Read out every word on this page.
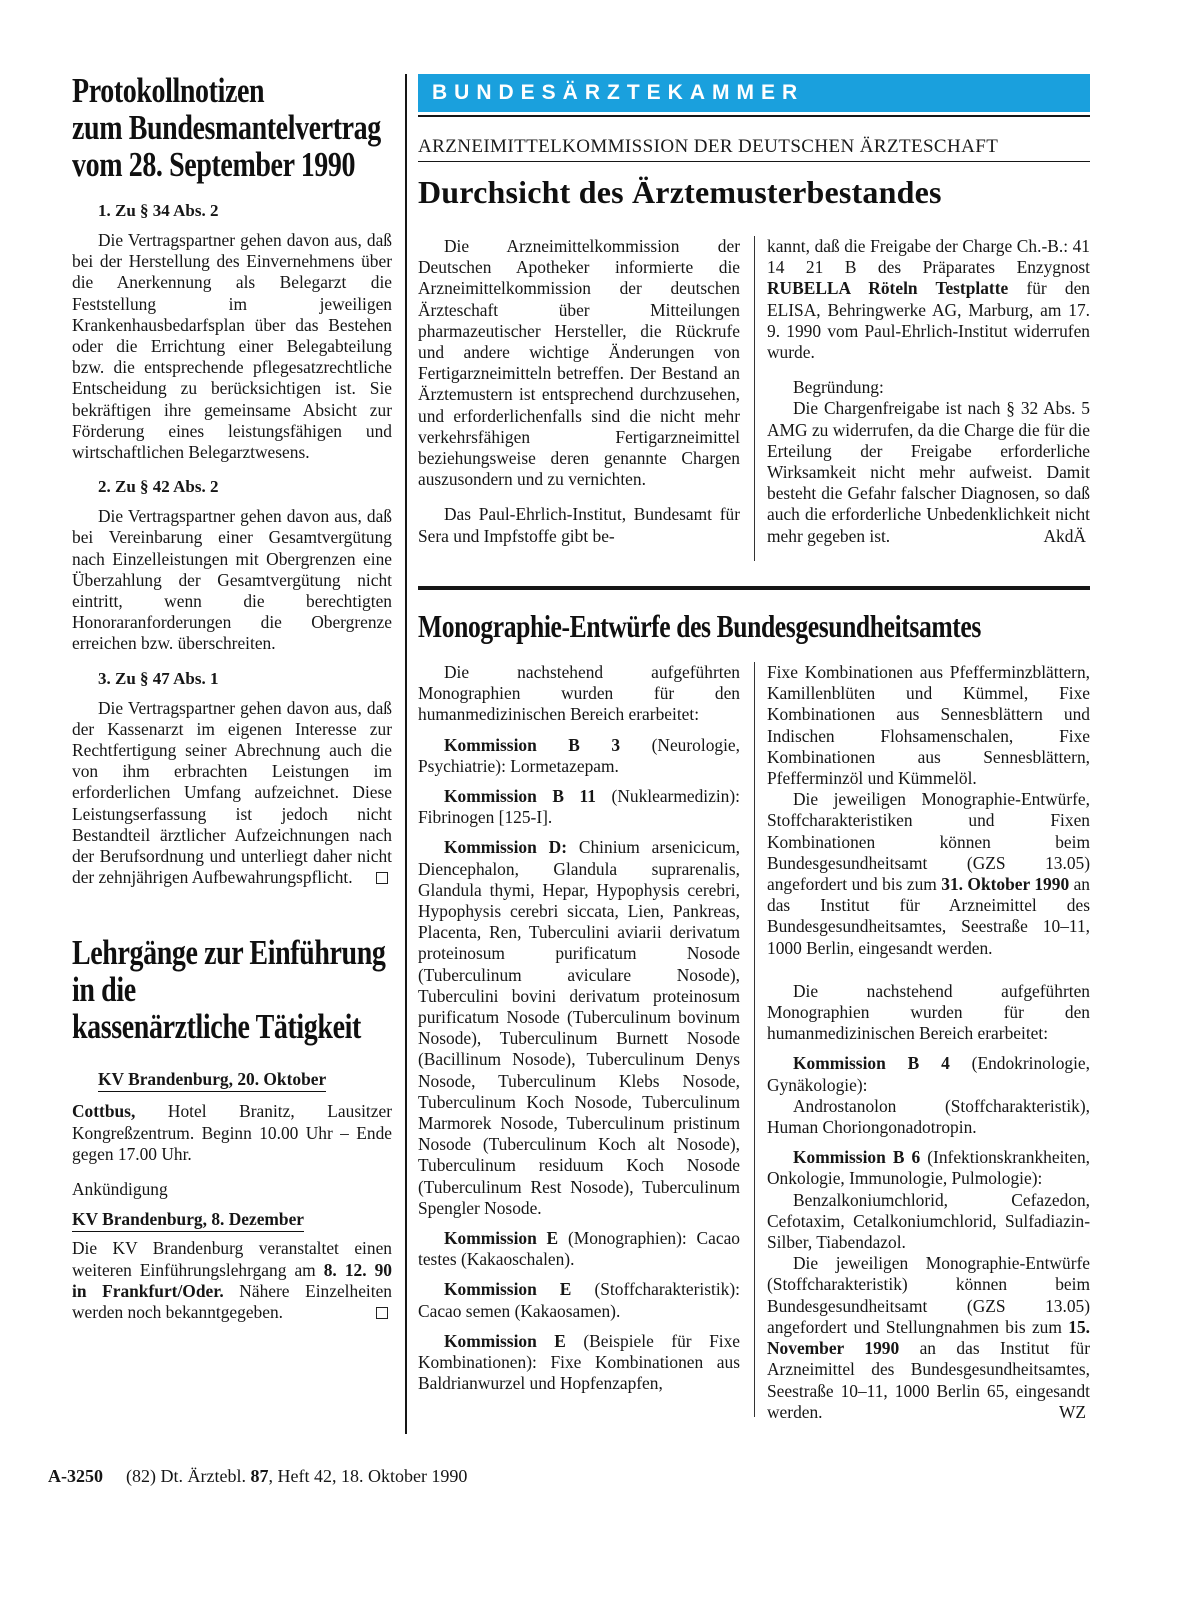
Protokollnotizen
zum Bundesmantelvertrag
vom 28. September 1990

1. Zu § 34 Abs. 2

Die Vertragspartner gehen davon aus, daß bei der Herstellung des Einvernehmens über die Anerkennung als Belegarzt die Feststellung im jeweiligen Krankenhausbedarfsplan über das Bestehen oder die Errichtung einer Belegabteilung bzw. die entsprechende pflegesatzrechtliche Entscheidung zu berücksichtigen ist. Sie bekräftigen ihre gemeinsame Absicht zur Förderung eines leistungsfähigen und wirtschaftlichen Belegarztwesens.

2. Zu § 42 Abs. 2

Die Vertragspartner gehen davon aus, daß bei Vereinbarung einer Gesamtvergütung nach Einzelleistungen mit Obergrenzen eine Überzahlung der Gesamtvergütung nicht eintritt, wenn die berechtigten Honoraranforderungen die Obergrenze erreichen bzw. überschreiten.

3. Zu § 47 Abs. 1

Die Vertragspartner gehen davon aus, daß der Kassenarzt im eigenen Interesse zur Rechtfertigung seiner Abrechnung auch die von ihm erbrachten Leistungen im erforderlichen Umfang aufzeichnet. Diese Leistungserfassung ist jedoch nicht Bestandteil ärztlicher Aufzeichnungen nach der Berufsordnung und unterliegt daher nicht der zehnjährigen Aufbewahrungspflicht.

Lehrgänge zur Einführung
in die
kassenärztliche Tätigkeit

KV Brandenburg, 20. Oktober

Cottbus, Hotel Branitz, Lausitzer Kongreßzentrum. Beginn 10.00 Uhr – Ende gegen 17.00 Uhr.

Ankündigung

KV Brandenburg, 8. Dezember

Die KV Brandenburg veranstaltet einen weiteren Einführungslehrgang am 8. 12. 90 in Frankfurt/Oder. Nähere Einzelheiten werden noch bekanntgegeben.

BUNDESÄRZTEKAMMER
ARZNEIMITTELKOMMISSION DER DEUTSCHEN ÄRZTESCHAFT
Durchsicht des Ärztemusterbestandes

Die Arzneimittelkommission der Deutschen Apotheker informierte die Arzneimittelkommission der deutschen Ärzteschaft über Mitteilungen pharmazeutischer Hersteller, die Rückrufe und andere wichtige Änderungen von Fertigarzneimitteln betreffen. Der Bestand an Ärztemustern ist entsprechend durchzusehen, und erforderlichenfalls sind die nicht mehr verkehrsfähigen Fertigarzneimittel beziehungsweise deren genannte Chargen auszusondern und zu vernichten.

Das Paul-Ehrlich-Institut, Bundesamt für Sera und Impfstoffe gibt be-

kannt, daß die Freigabe der Charge Ch.-B.: 41 14 21 B des Präparates Enzygnost RUBELLA Röteln Testplatte für den ELISA, Behringwerke AG, Marburg, am 17. 9. 1990 vom Paul-Ehrlich-Institut widerrufen wurde.

Begründung:

Die Chargenfreigabe ist nach § 32 Abs. 5 AMG zu widerrufen, da die Charge die für die Erteilung der Freigabe erforderliche Wirksamkeit nicht mehr aufweist. Damit besteht die Gefahr falscher Diagnosen, so daß auch die erforderliche Unbedenklichkeit nicht mehr gegeben ist.	AkdÄ

Monographie-Entwürfe des Bundesgesundheitsamtes

Die nachstehend aufgeführten Monographien wurden für den humanmedizinischen Bereich erarbeitet:

Kommission B 3 (Neurologie, Psychiatrie): Lormetazepam.

Kommission B 11 (Nuklearmedizin): Fibrinogen [125-I].

Kommission D: Chinium arsenicicum, Diencephalon, Glandula suprarenalis, Glandula thymi, Hepar, Hypophysis cerebri, Hypophysis cerebri siccata, Lien, Pankreas, Placenta, Ren, Tuberculini aviarii derivatum proteinosum purificatum Nosode (Tuberculinum aviculare Nosode), Tuberculini bovini derivatum proteinosum purificatum Nosode (Tuberculinum bovinum Nosode), Tuberculinum Burnett Nosode (Bacillinum Nosode), Tuberculinum Denys Nosode, Tuberculinum Klebs Nosode, Tuberculinum Koch Nosode, Tuberculinum Marmorek Nosode, Tuberculinum pristinum Nosode (Tuberculinum Koch alt Nosode), Tuberculinum residuum Koch Nosode (Tuberculinum Rest Nosode), Tuberculinum Spengler Nosode.

Kommission E (Monographien): Cacao testes (Kakaoschalen).

Kommission E (Stoffcharakteristik): Cacao semen (Kakaosamen).

Kommission E (Beispiele für Fixe Kombinationen): Fixe Kombinationen aus Baldrianwurzel und Hopfenzapfen,

Fixe Kombinationen aus Pfefferminzblättern, Kamillenblüten und Kümmel, Fixe Kombinationen aus Sennesblättern und Indischen Flohsamenschalen, Fixe Kombinationen aus Sennesblättern, Pfefferminzöl und Kümmelöl.

Die jeweiligen Monographie-Entwürfe, Stoffcharakteristiken und Fixen Kombinationen können beim Bundesgesundheitsamt (GZS 13.05) angefordert und bis zum 31. Oktober 1990 an das Institut für Arzneimittel des Bundesgesundheitsamtes, Seestraße 10–11, 1000 Berlin, eingesandt werden.

Die nachstehend aufgeführten Monographien wurden für den humanmedizinischen Bereich erarbeitet:

Kommission B 4 (Endokrinologie, Gynäkologie):

Androstanolon (Stoffcharakteristik), Human Choriongonadotropin.

Kommission B 6 (Infektionskrankheiten, Onkologie, Immunologie, Pulmologie):

Benzalkoniumchlorid, Cefazedon, Cefotaxim, Cetalkoniumchlorid, Sulfadiazin-Silber, Tiabendazol.

Die jeweiligen Monographie-Entwürfe (Stoffcharakteristik) können beim Bundesgesundheitsamt (GZS 13.05) angefordert und Stellungnahmen bis zum 15. November 1990 an das Institut für Arzneimittel des Bundesgesundheitsamtes, Seestraße 10–11, 1000 Berlin 65, eingesandt werden.	WZ

A-3250 (82) Dt. Ärztebl. 87, Heft 42, 18. Oktober 1990
